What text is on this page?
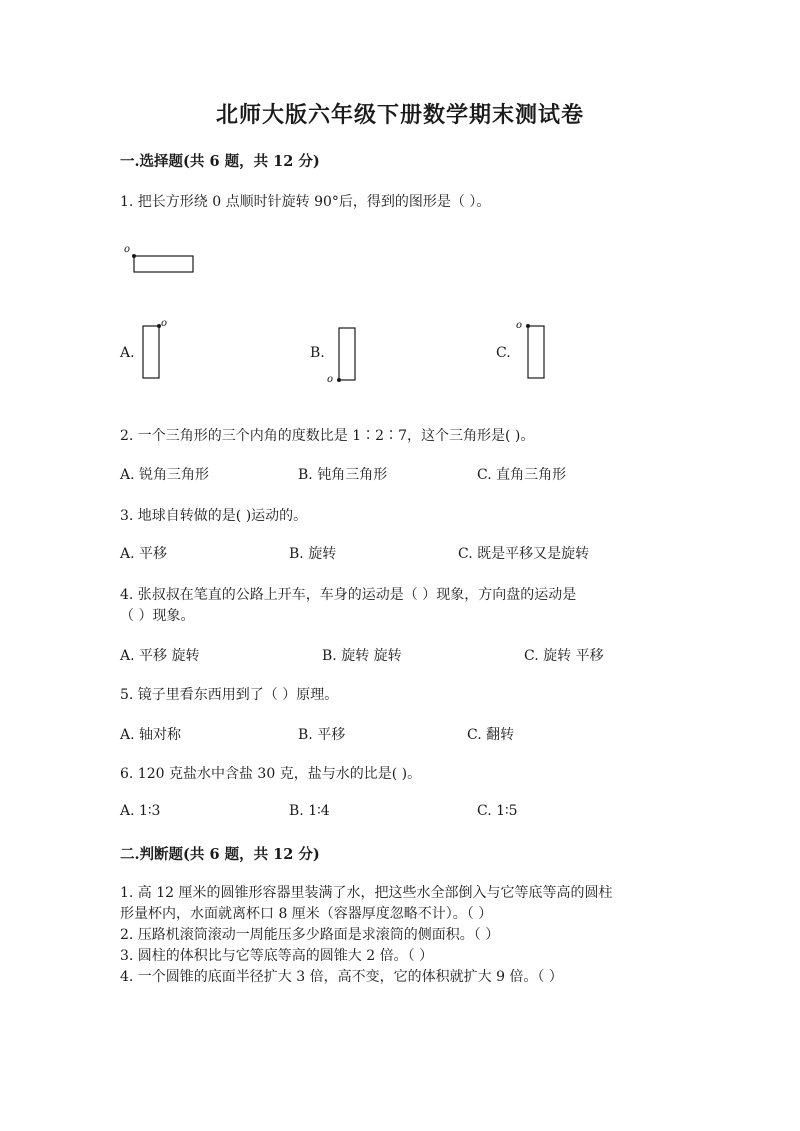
北师大版六年级下册数学期末测试卷
一.选择题(共 6 题，共 12 分)
1. 把长方形绕 0 点顺时针旋转 90°后，得到的图形是（ ）。
o
A.
o
B.
o
C.
o
2. 一个三角形的三个内角的度数比是 1∶2∶7，这个三角形是( )。
A. 锐角三角形	B. 钝角三角形	C. 直角三角形
3. 地球自转做的是( )运动的。
A. 平移	B. 旋转	C. 既是平移又是旋转
4. 张叔叔在笔直的公路上开车，车身的运动是（ ）现象，方向盘的运动是
（ ）现象。
A. 平移 旋转	B. 旋转 旋转	C. 旋转 平移
5. 镜子里看东西用到了（ ）原理。
A. 轴对称	B. 平移	C. 翻转
6. 120 克盐水中含盐 30 克，盐与水的比是( )。
A. 1∶3	B. 1∶4	C. 1∶5
二.判断题(共 6 题，共 12 分)
1. 高 12 厘米的圆锥形容器里装满了水，把这些水全部倒入与它等底等高的圆柱
形量杯内，水面就离杯口 8 厘米（容器厚度忽略不计）。（ ）
2. 压路机滚筒滚动一周能压多少路面是求滚筒的侧面积。（ ）
3. 圆柱的体积比与它等底等高的圆锥大 2 倍。（ ）
4. 一个圆锥的底面半径扩大 3 倍，高不变，它的体积就扩大 9 倍。（ ）
